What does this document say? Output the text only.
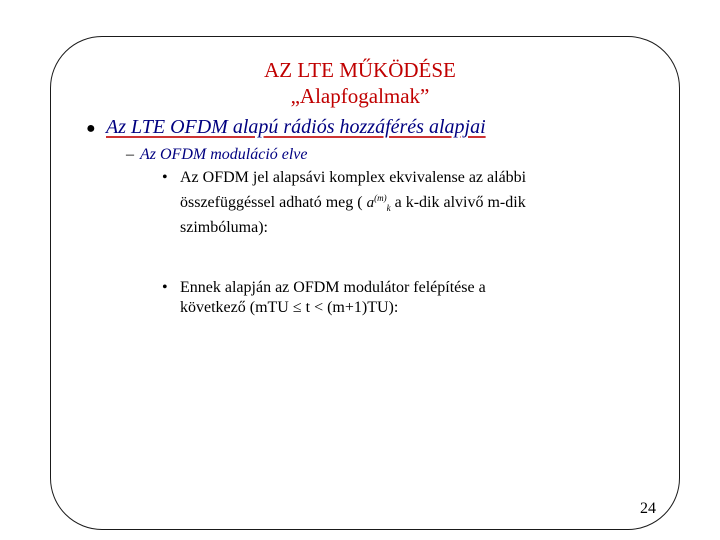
AZ LTE MŰKÖDÉSE
„Alapfogalmak”
● Az LTE OFDM alapú rádiós hozzáférés alapjai
– Az OFDM moduláció elve
• Az OFDM jel alapsávi komplex ekvivalense az alábbi
összefüggéssel adható meg ( $a^{(m)}_k$ a k-dik alvivő m-dik
szimbóluma):
• Ennek alapján az OFDM modulátor felépítése a
következő (mTU ≤ t < (m+1)TU):
24
